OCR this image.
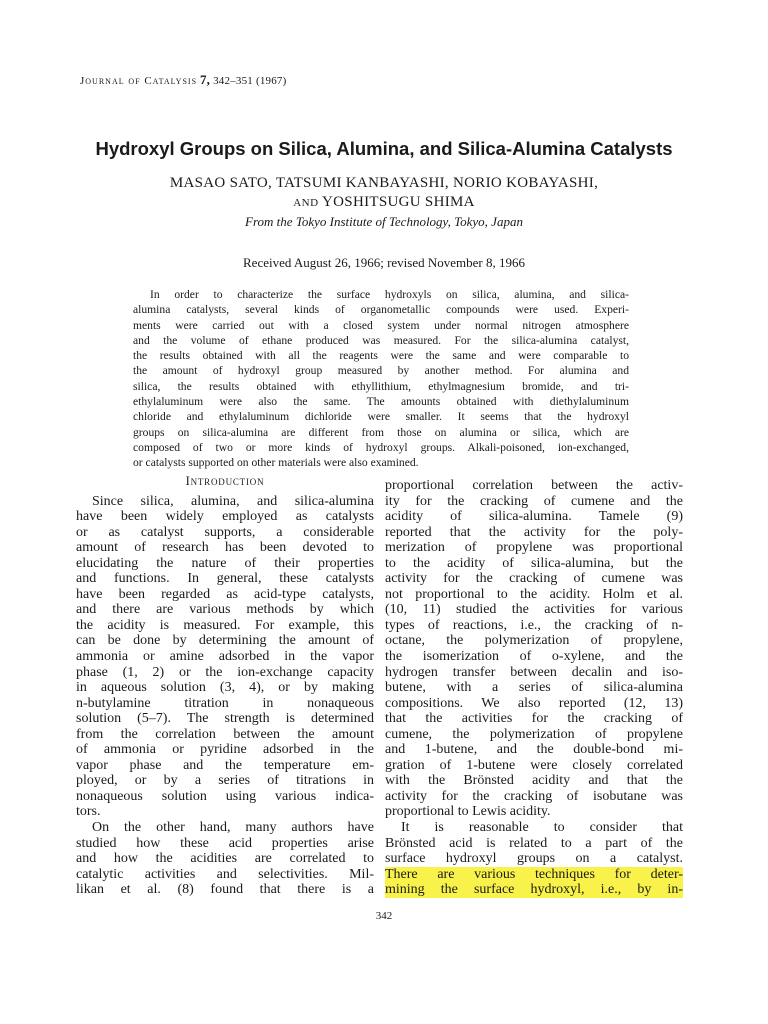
Journal of Catalysis 7, 342–351 (1967)
Hydroxyl Groups on Silica, Alumina, and Silica-Alumina Catalysts
MASAO SATO, TATSUMI KANBAYASHI, NORIO KOBAYASHI,
AND YOSHITSUGU SHIMA
From the Tokyo Institute of Technology, Tokyo, Japan
Received August 26, 1966; revised November 8, 1966
In order to characterize the surface hydroxyls on silica, alumina, and silica-
alumina catalysts, several kinds of organometallic compounds were used. Experi-
ments were carried out with a closed system under normal nitrogen atmosphere
and the volume of ethane produced was measured. For the silica-alumina catalyst,
the results obtained with all the reagents were the same and were comparable to
the amount of hydroxyl group measured by another method. For alumina and
silica, the results obtained with ethyllithium, ethylmagnesium bromide, and tri-
ethylaluminum were also the same. The amounts obtained with diethylaluminum
chloride and ethylaluminum dichloride were smaller. It seems that the hydroxyl
groups on silica-alumina are different from those on alumina or silica, which are
composed of two or more kinds of hydroxyl groups. Alkali-poisoned, ion-exchanged,
or catalysts supported on other materials were also examined.
Introduction
Since silica, alumina, and silica-alumina
have been widely employed as catalysts
or as catalyst supports, a considerable
amount of research has been devoted to
elucidating the nature of their properties
and functions. In general, these catalysts
have been regarded as acid-type catalysts,
and there are various methods by which
the acidity is measured. For example, this
can be done by determining the amount of
ammonia or amine adsorbed in the vapor
phase (1, 2) or the ion-exchange capacity
in aqueous solution (3, 4), or by making
n-butylamine titration in nonaqueous
solution (5–7). The strength is determined
from the correlation between the amount
of ammonia or pyridine adsorbed in the
vapor phase and the temperature em-
ployed, or by a series of titrations in
nonaqueous solution using various indica-
tors.
On the other hand, many authors have
studied how these acid properties arise
and how the acidities are correlated to
catalytic activities and selectivities. Mil-
likan et al. (8) found that there is a
proportional correlation between the activ-
ity for the cracking of cumene and the
acidity of silica-alumina. Tamele (9)
reported that the activity for the poly-
merization of propylene was proportional
to the acidity of silica-alumina, but the
activity for the cracking of cumene was
not proportional to the acidity. Holm et al.
(10, 11) studied the activities for various
types of reactions, i.e., the cracking of n-
octane, the polymerization of propylene,
the isomerization of o-xylene, and the
hydrogen transfer between decalin and iso-
butene, with a series of silica-alumina
compositions. We also reported (12, 13)
that the activities for the cracking of
cumene, the polymerization of propylene
and 1-butene, and the double-bond mi-
gration of 1-butene were closely correlated
with the Brönsted acidity and that the
activity for the cracking of isobutane was
proportional to Lewis acidity.
It is reasonable to consider that
Brönsted acid is related to a part of the
surface hydroxyl groups on a catalyst.
There are various techniques for deter-
mining the surface hydroxyl, i.e., by in-
342
